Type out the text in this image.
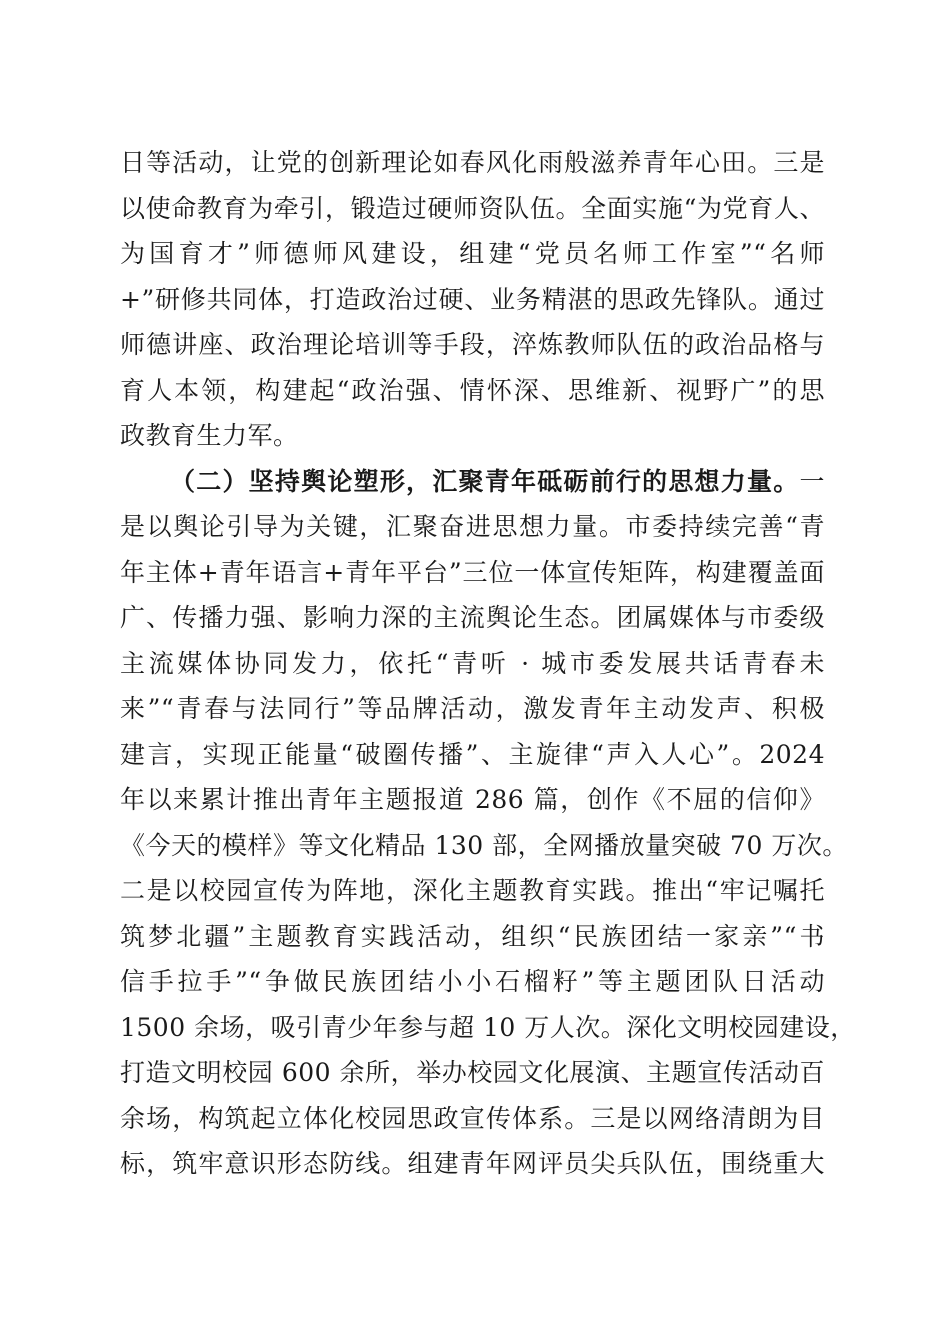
日等活动，让党的创新理论如春风化雨般滋养青年心田。三是
以使命教育为牵引，锻造过硬师资队伍。全面实施“为党育人、
为国育才”师德师风建设，组建“党员名师工作室”“名师
+”研修共同体，打造政治过硬、业务精湛的思政先锋队。通过
师德讲座、政治理论培训等手段，淬炼教师队伍的政治品格与
育人本领，构建起“政治强、情怀深、思维新、视野广”的思
政教育生力军。
（二）坚持舆论塑形，汇聚青年砥砺前行的思想力量。一
是以舆论引导为关键，汇聚奋进思想力量。市委持续完善“青
年主体+青年语言+青年平台”三位一体宣传矩阵，构建覆盖面
广、传播力强、影响力深的主流舆论生态。团属媒体与市委级
主流媒体协同发力，依托“青听 · 城市委发展共话青春未
来”“青春与法同行”等品牌活动，激发青年主动发声、积极
建言，实现正能量“破圈传播”、主旋律“声入人心”。2024
年以来累计推出青年主题报道 286 篇，创作《不屈的信仰》
《今天的模样》等文化精品 130 部，全网播放量突破 70 万次。
二是以校园宣传为阵地，深化主题教育实践。推出“牢记嘱托
筑梦北疆”主题教育实践活动，组织“民族团结一家亲”“书
信手拉手”“争做民族团结小小石榴籽”等主题团队日活动
1500 余场，吸引青少年参与超 10 万人次。深化文明校园建设，
打造文明校园 600 余所，举办校园文化展演、主题宣传活动百
余场，构筑起立体化校园思政宣传体系。三是以网络清朗为目
标，筑牢意识形态防线。组建青年网评员尖兵队伍，围绕重大
